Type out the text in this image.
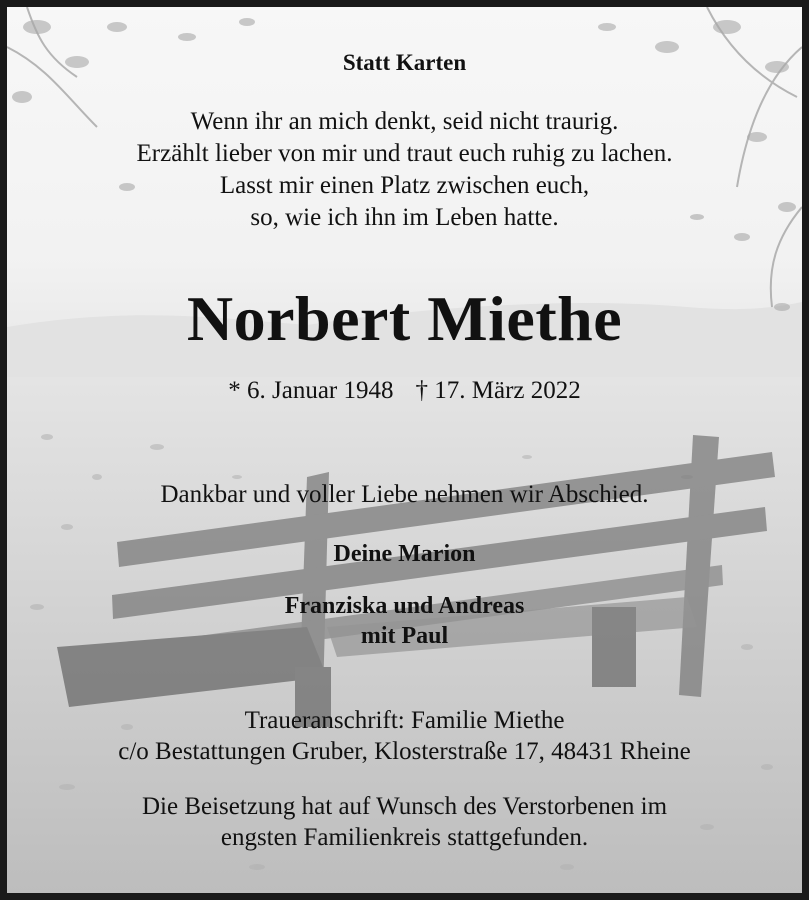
Statt Karten
Wenn ihr an mich denkt, seid nicht traurig.
Erzählt lieber von mir und traut euch ruhig zu lachen.
Lasst mir einen Platz zwischen euch,
so, wie ich ihn im Leben hatte.
Norbert Miethe
* 6. Januar 1948 † 17. März 2022
Dankbar und voller Liebe nehmen wir Abschied.
Deine Marion
Franziska und Andreas
mit Paul
Traueranschrift: Familie Miethe
c/o Bestattungen Gruber, Klosterstraße 17, 48431 Rheine
Die Beisetzung hat auf Wunsch des Verstorbenen im
engsten Familienkreis stattgefunden.
